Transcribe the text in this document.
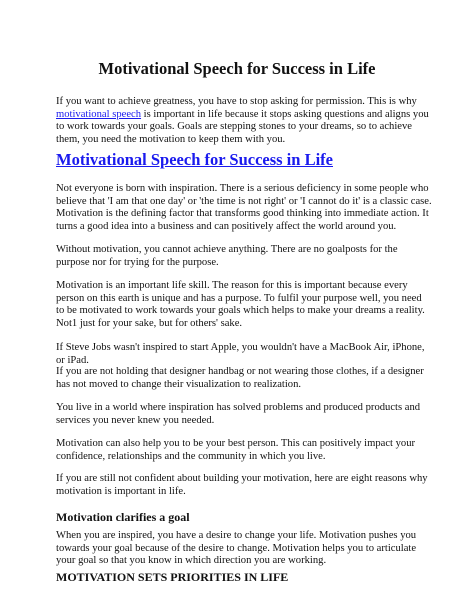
Motivational Speech for Success in Life

If you want to achieve greatness, you have to stop asking for permission. This is why motivational speech is important in life because it stops asking questions and aligns you to work towards your goals. Goals are stepping stones to your dreams, so to achieve them, you need the motivation to keep them with you.

Motivational Speech for Success in Life

Not everyone is born with inspiration. There is a serious deficiency in some people who believe that 'I am that one day' or 'the time is not right' or 'I cannot do it' is a classic case. Motivation is the defining factor that transforms good thinking into immediate action. It turns a good idea into a business and can positively affect the world around you.

Without motivation, you cannot achieve anything. There are no goalposts for the purpose nor for trying for the purpose.

Motivation is an important life skill. The reason for this is important because every person on this earth is unique and has a purpose. To fulfil your purpose well, you need to be motivated to work towards your goals which helps to make your dreams a reality. Not1 just for your sake, but for others' sake.

If Steve Jobs wasn't inspired to start Apple, you wouldn't have a MacBook Air, iPhone, or iPad.

If you are not holding that designer handbag or not wearing those clothes, if a designer has not moved to change their visualization to realization.

You live in a world where inspiration has solved problems and produced products and services you never knew you needed.

Motivation can also help you to be your best person. This can positively impact your confidence, relationships and the community in which you live.

If you are still not confident about building your motivation, here are eight reasons why motivation is important in life.

Motivation clarifies a goal

When you are inspired, you have a desire to change your life. Motivation pushes you towards your goal because of the desire to change. Motivation helps you to articulate your goal so that you know in which direction you are working.

MOTIVATION SETS PRIORITIES IN LIFE
